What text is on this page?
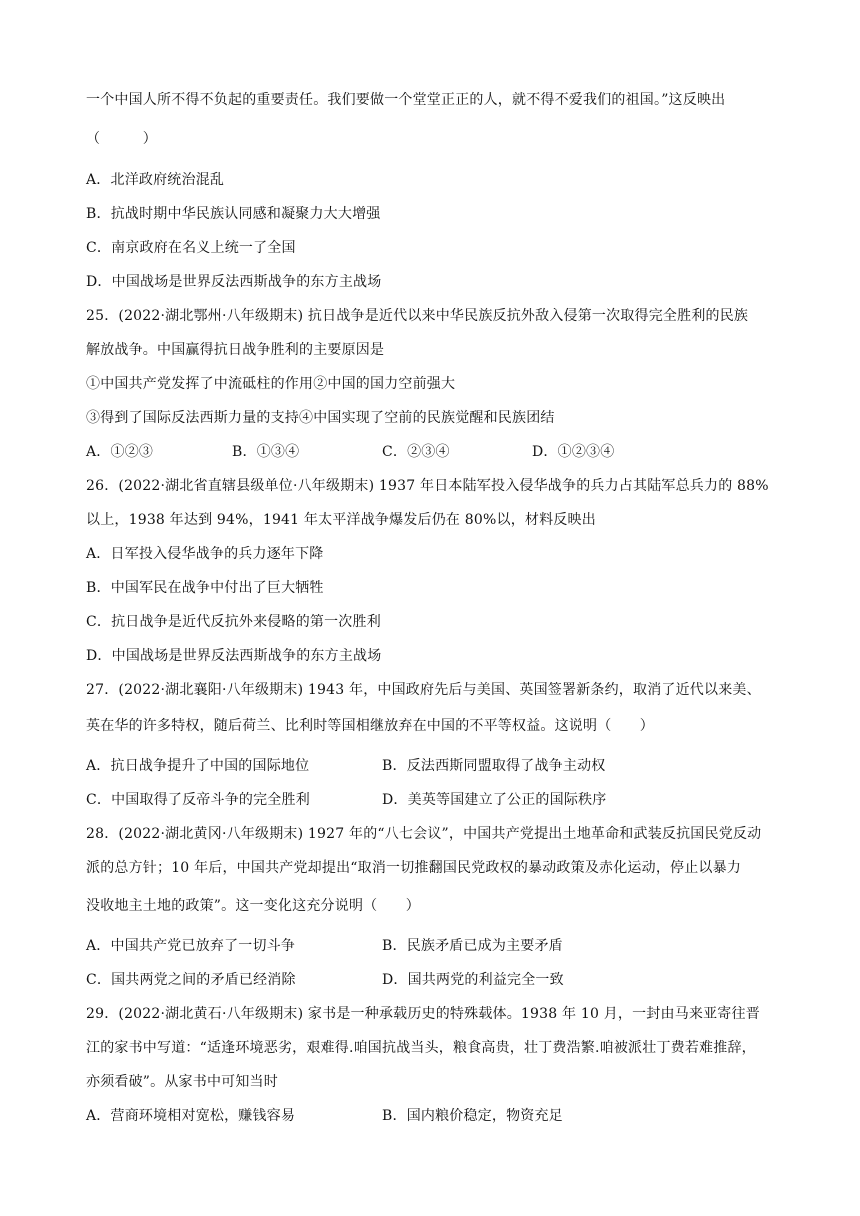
一个中国人所不得不负起的重要责任。我们要做一个堂堂正正的人，就不得不爱我们的祖国。”这反映出
（　　　）
A．北洋政府统治混乱
B．抗战时期中华民族认同感和凝聚力大大增强
C．南京政府在名义上统一了全国
D．中国战场是世界反法西斯战争的东方主战场
25．(2022·湖北鄂州·八年级期末) 抗日战争是近代以来中华民族反抗外敌入侵第一次取得完全胜利的民族
解放战争。中国赢得抗日战争胜利的主要原因是
①中国共产党发挥了中流砥柱的作用②中国的国力空前强大
③得到了国际反法西斯力量的支持④中国实现了空前的民族觉醒和民族团结
A．①②③	B．①③④	C．②③④	D．①②③④
26．(2022·湖北省直辖县级单位·八年级期末) 1937 年日本陆军投入侵华战争的兵力占其陆军总兵力的 88%
以上，1938 年达到 94%，1941 年太平洋战争爆发后仍在 80%以，材料反映出
A．日军投入侵华战争的兵力逐年下降
B．中国军民在战争中付出了巨大牺牲
C．抗日战争是近代反抗外来侵略的第一次胜利
D．中国战场是世界反法西斯战争的东方主战场
27．(2022·湖北襄阳·八年级期末) 1943 年，中国政府先后与美国、英国签署新条约，取消了近代以来美、
英在华的许多特权，随后荷兰、比利时等国相继放弃在中国的不平等权益。这说明（　　）
A．抗日战争提升了中国的国际地位	B．反法西斯同盟取得了战争主动权
C．中国取得了反帝斗争的完全胜利	D．美英等国建立了公正的国际秩序
28．(2022·湖北黄冈·八年级期末) 1927 年的“八七会议”，中国共产党提出土地革命和武装反抗国民党反动
派的总方针；10 年后，中国共产党却提出“取消一切推翻国民党政权的暴动政策及赤化运动，停止以暴力
没收地主土地的政策”。这一变化这充分说明（　　）
A．中国共产党已放弃了一切斗争	B．民族矛盾已成为主要矛盾
C．国共两党之间的矛盾已经消除	D．国共两党的利益完全一致
29．(2022·湖北黄石·八年级期末) 家书是一种承载历史的特殊载体。1938 年 10 月，一封由马来亚寄往晋
江的家书中写道：“适逢环境恶劣，艰难得.咱国抗战当头，粮食高贵，壮丁费浩繁.咱被派壮丁费若难推辞，
亦须看破”。从家书中可知当时
A．营商环境相对宽松，赚钱容易	B．国内粮价稳定，物资充足
